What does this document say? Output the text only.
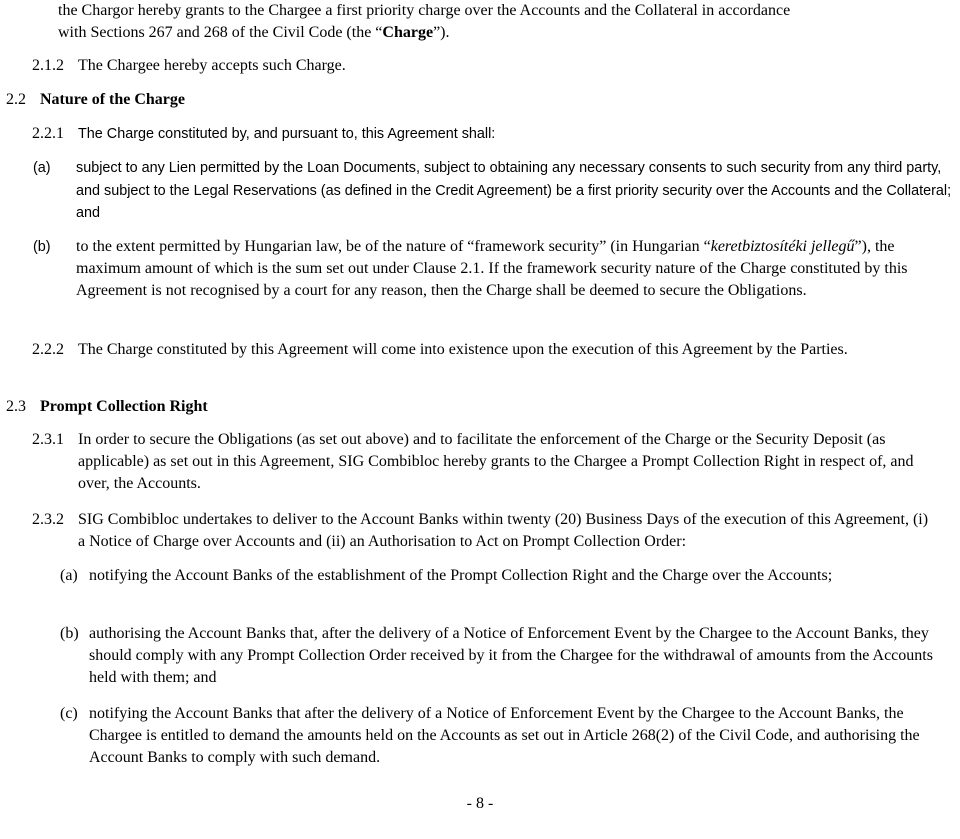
the Chargor hereby grants to the Chargee a first priority charge over the Accounts and the Collateral in accordance
with Sections 267 and 268 of the Civil Code (the “Charge”).
2.1.2 The Chargee hereby accepts such Charge.
2.2 Nature of the Charge
2.2.1 The Charge constituted by, and pursuant to, this Agreement shall:
(a) subject to any Lien permitted by the Loan Documents, subject to obtaining any necessary consents to such security from any third party, and subject to the Legal Reservations (as defined in the Credit Agreement) be a first priority security over the Accounts and the Collateral; and
(b) to the extent permitted by Hungarian law, be of the nature of “framework security” (in Hungarian “keretbiztosítéki jellegű”), the maximum amount of which is the sum set out under Clause 2.1. If the framework security nature of the Charge constituted by this Agreement is not recognised by a court for any reason, then the Charge shall be deemed to secure the Obligations.
2.2.2 The Charge constituted by this Agreement will come into existence upon the execution of this Agreement by the Parties.
2.3 Prompt Collection Right
2.3.1 In order to secure the Obligations (as set out above) and to facilitate the enforcement of the Charge or the Security Deposit (as applicable) as set out in this Agreement, SIG Combibloc hereby grants to the Chargee a Prompt Collection Right in respect of, and over, the Accounts.
2.3.2 SIG Combibloc undertakes to deliver to the Account Banks within twenty (20) Business Days of the execution of this Agreement, (i) a Notice of Charge over Accounts and (ii) an Authorisation to Act on Prompt Collection Order:
(a) notifying the Account Banks of the establishment of the Prompt Collection Right and the Charge over the Accounts;
(b) authorising the Account Banks that, after the delivery of a Notice of Enforcement Event by the Chargee to the Account Banks, they should comply with any Prompt Collection Order received by it from the Chargee for the withdrawal of amounts from the Accounts held with them; and
(c) notifying the Account Banks that after the delivery of a Notice of Enforcement Event by the Chargee to the Account Banks, the Chargee is entitled to demand the amounts held on the Accounts as set out in Article 268(2) of the Civil Code, and authorising the Account Banks to comply with such demand.
- 8 -
